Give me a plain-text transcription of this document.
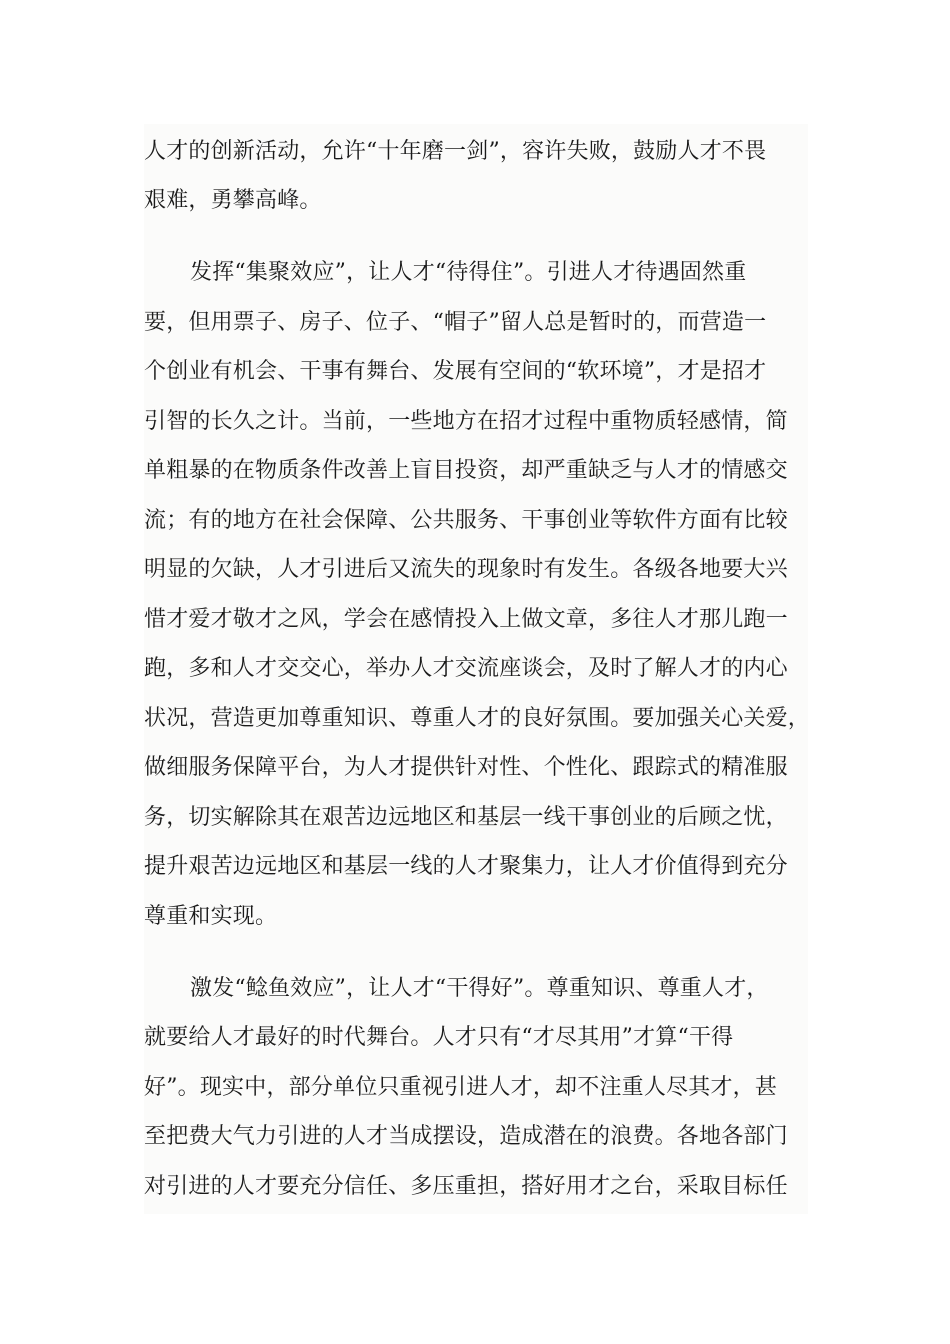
人才的创新活动，允许“十年磨一剑”，容许失败，鼓励人才不畏
艰难，勇攀高峰。
发挥“集聚效应”，让人才“待得住”。引进人才待遇固然重
要，但用票子、房子、位子、“帽子”留人总是暂时的，而营造一
个创业有机会、干事有舞台、发展有空间的“软环境”，才是招才
引智的长久之计。当前，一些地方在招才过程中重物质轻感情，简
单粗暴的在物质条件改善上盲目投资，却严重缺乏与人才的情感交
流；有的地方在社会保障、公共服务、干事创业等软件方面有比较
明显的欠缺，人才引进后又流失的现象时有发生。各级各地要大兴
惜才爱才敬才之风，学会在感情投入上做文章，多往人才那儿跑一
跑，多和人才交交心，举办人才交流座谈会，及时了解人才的内心
状况，营造更加尊重知识、尊重人才的良好氛围。要加强关心关爱，
做细服务保障平台，为人才提供针对性、个性化、跟踪式的精准服
务，切实解除其在艰苦边远地区和基层一线干事创业的后顾之忧，
提升艰苦边远地区和基层一线的人才聚集力，让人才价值得到充分
尊重和实现。
激发“鲶鱼效应”，让人才“干得好”。尊重知识、尊重人才，
就要给人才最好的时代舞台。人才只有“才尽其用”才算“干得
好”。现实中，部分单位只重视引进人才，却不注重人尽其才，甚
至把费大气力引进的人才当成摆设，造成潜在的浪费。各地各部门
对引进的人才要充分信任、多压重担，搭好用才之台，采取目标任
